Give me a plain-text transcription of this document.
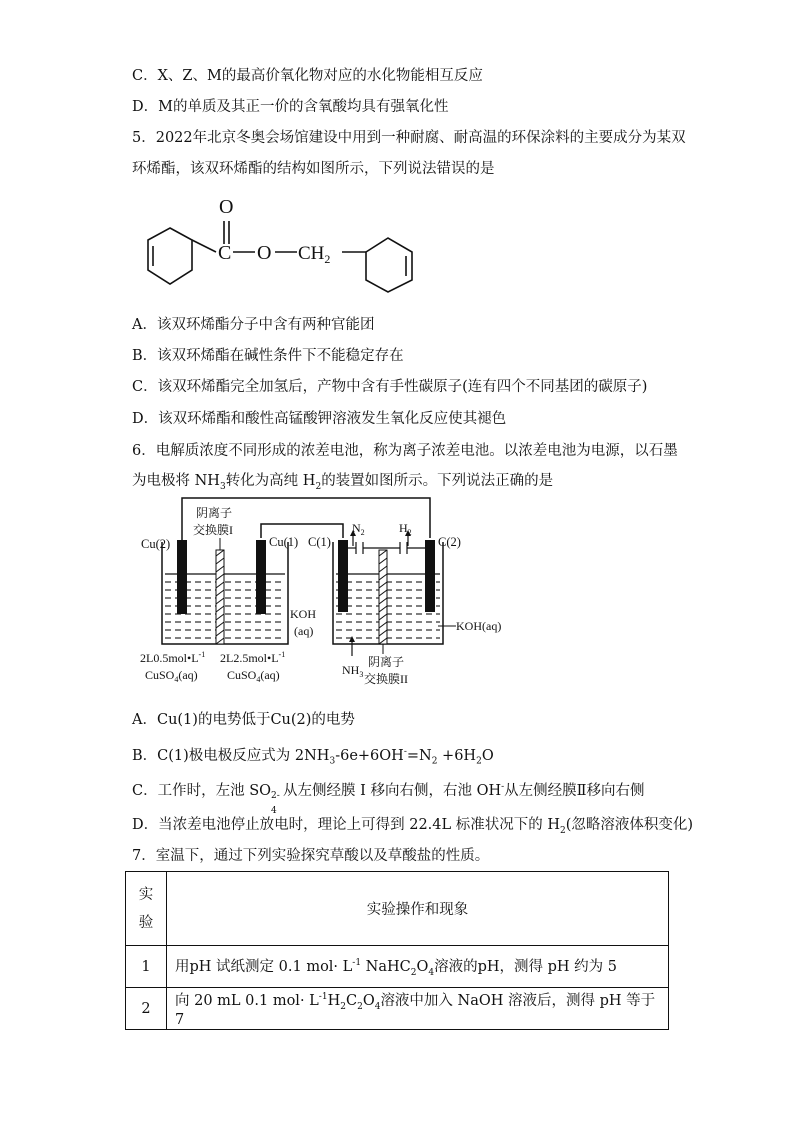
C．X、Z、M的最高价氧化物对应的水化物能相互反应
D．M的单质及其正一价的含氧酸均具有强氧化性
5．2022年北京冬奥会场馆建设中用到一种耐腐、耐高温的环保涂料的主要成分为某双
环烯酯，该双环烯酯的结构如图所示，下列说法错误的是
O
C O $CH_2$
A．该双环烯酯分子中含有两种官能团
B．该双环烯酯在碱性条件下不能稳定存在
C．该双环烯酯完全加氢后，产物中含有手性碳原子(连有四个不同基团的碳原子)
D．该双环烯酯和酸性高锰酸钾溶液发生氧化反应使其褪色
6．电解质浓度不同形成的浓差电池，称为离子浓差电池。以浓差电池为电源，以石墨
为电极将 $NH_3$转化为高纯 $H_2$的装置如图所示。下列说法正确的是
阴离子
交换膜I
Cu(2)	Cu(1)
$2L0.5mol•L^{-1}$
CuSO$_4$(aq)
$2L2.5mol•L^{-1}$
CuSO$_4$(aq)
$N_2$	$H_2$
C(1)	C(2)
KOH
(aq)	KOH(aq)
$NH_3$
阴离子
交换膜II
A．Cu(1)的电势低于Cu(2)的电势
B．C(1)极电极反应式为 $2NH_3-6e+6OH^-=N_2 +6H_2O$
C．工作时，左池 SO 2-
4
从左侧经膜 I 移向右侧，右池 OH-从左侧经膜Ⅱ移向右侧
D．当浓差电池停止放电时，理论上可得到 22.4L 标准状况下的 $H_2$(忽略溶液体积变化)
7．室温下，通过下列实验探究草酸以及草酸盐的性质。
实
验	实验操作和现象
1	用pH 试纸测定 0.1 $mol\cdot L^{-1}$ $NaHC_2O_4$溶液的pH，测得 pH 约为 5
2	向 20 mL 0.1 $mol\cdot L^{-1}H_2C_2O_4$溶液中加入 NaOH 溶液后，测得 pH 等于 7
